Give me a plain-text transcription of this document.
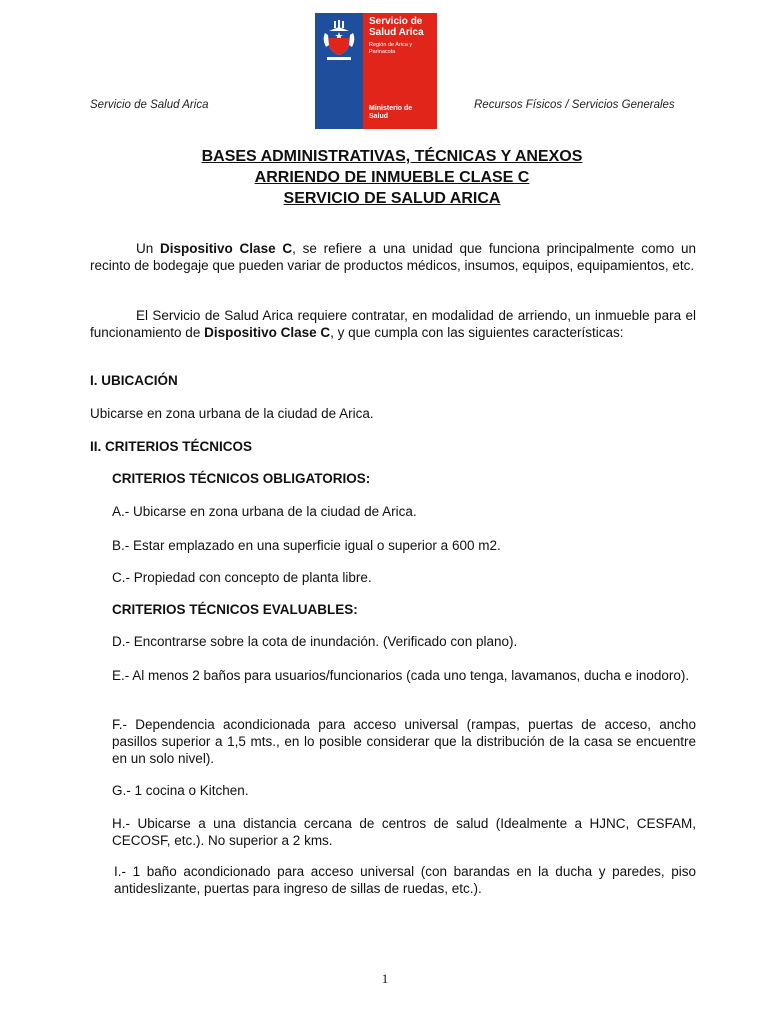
Servicio de
Salud Arica
Región de Arica y
Parinacota
Ministerio de
Salud
Servicio de Salud Arica	Recursos Físicos / Servicios Generales
BASES ADMINISTRATIVAS, TÉCNICAS Y ANEXOS
ARRIENDO DE INMUEBLE CLASE C
SERVICIO DE SALUD ARICA
Un Dispositivo Clase C, se refiere a una unidad que funciona principalmente como un recinto de bodegaje que pueden variar de productos médicos, insumos, equipos, equipamientos, etc.
El Servicio de Salud Arica requiere contratar, en modalidad de arriendo, un inmueble para el funcionamiento de Dispositivo Clase C, y que cumpla con las siguientes características:
I. UBICACIÓN
Ubicarse en zona urbana de la ciudad de Arica.
II. CRITERIOS TÉCNICOS
CRITERIOS TÉCNICOS OBLIGATORIOS:
A.- Ubicarse en zona urbana de la ciudad de Arica.
B.- Estar emplazado en una superficie igual o superior a 600 m2.
C.- Propiedad con concepto de planta libre.
CRITERIOS TÉCNICOS EVALUABLES:
D.- Encontrarse sobre la cota de inundación. (Verificado con plano).
E.- Al menos 2 baños para usuarios/funcionarios (cada uno tenga, lavamanos, ducha e inodoro).
F.- Dependencia acondicionada para acceso universal (rampas, puertas de acceso, ancho pasillos superior a 1,5 mts., en lo posible considerar que la distribución de la casa se encuentre en un solo nivel).
G.- 1 cocina o Kitchen.
H.- Ubicarse a una distancia cercana de centros de salud (Idealmente a HJNC, CESFAM, CECOSF, etc.). No superior a 2 kms.
I.- 1 baño acondicionado para acceso universal (con barandas en la ducha y paredes, piso antideslizante, puertas para ingreso de sillas de ruedas, etc.).
1
